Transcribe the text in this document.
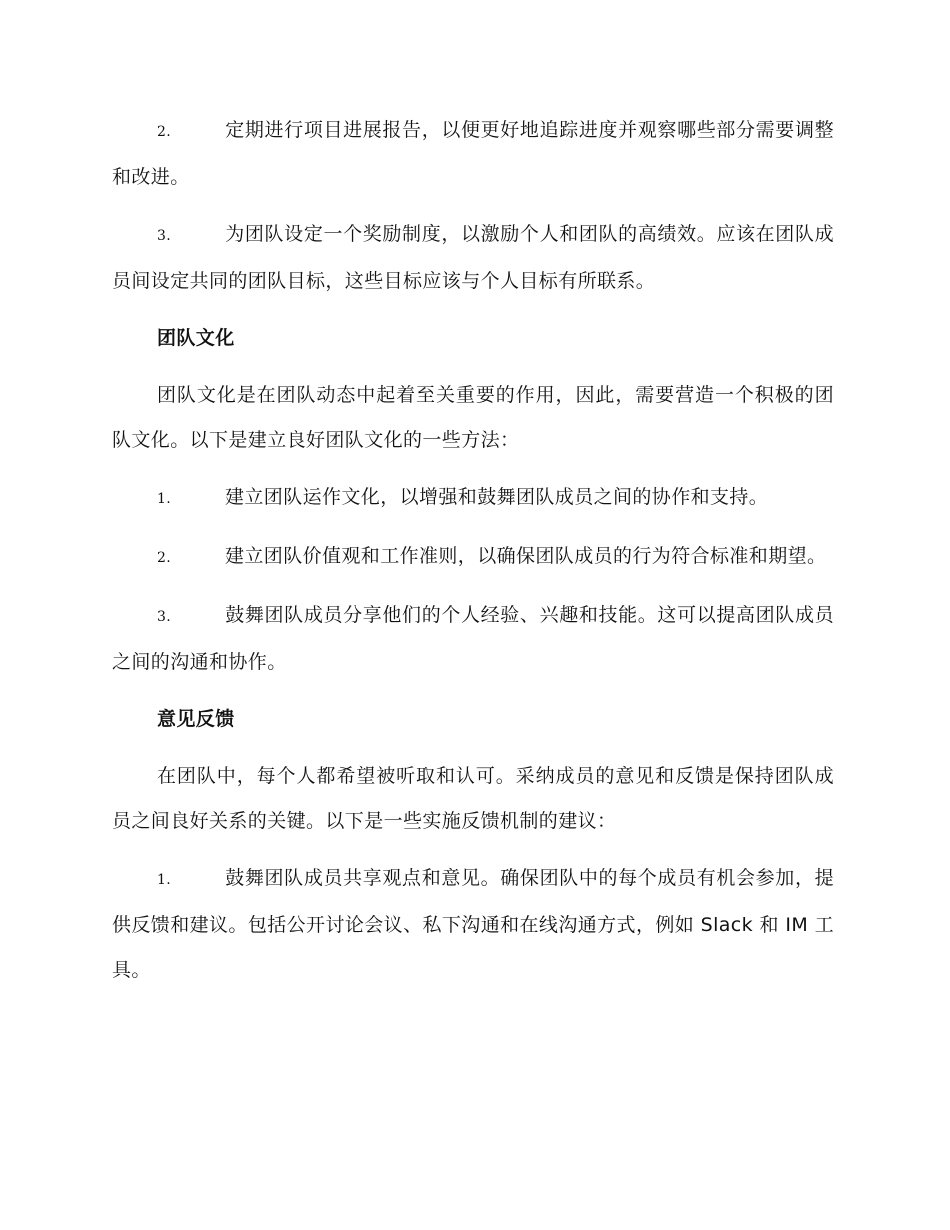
2.	定期进行项目进展报告，以便更好地追踪进度并观察哪些部分需要调整和改进。

3.	为团队设定一个奖励制度，以激励个人和团队的高绩效。应该在团队成员间设定共同的团队目标，这些目标应该与个人目标有所联系。

团队文化

团队文化是在团队动态中起着至关重要的作用，因此，需要营造一个积极的团队文化。以下是建立良好团队文化的一些方法：

1.	建立团队运作文化，以增强和鼓舞团队成员之间的协作和支持。

2.	建立团队价值观和工作准则，以确保团队成员的行为符合标准和期望。

3.	鼓舞团队成员分享他们的个人经验、兴趣和技能。这可以提高团队成员之间的沟通和协作。

意见反馈

在团队中，每个人都希望被听取和认可。采纳成员的意见和反馈是保持团队成员之间良好关系的关键。以下是一些实施反馈机制的建议：

1.	鼓舞团队成员共享观点和意见。确保团队中的每个成员有机会参加，提供反馈和建议。包括公开讨论会议、私下沟通和在线沟通方式，例如 Slack 和 IM 工具。
